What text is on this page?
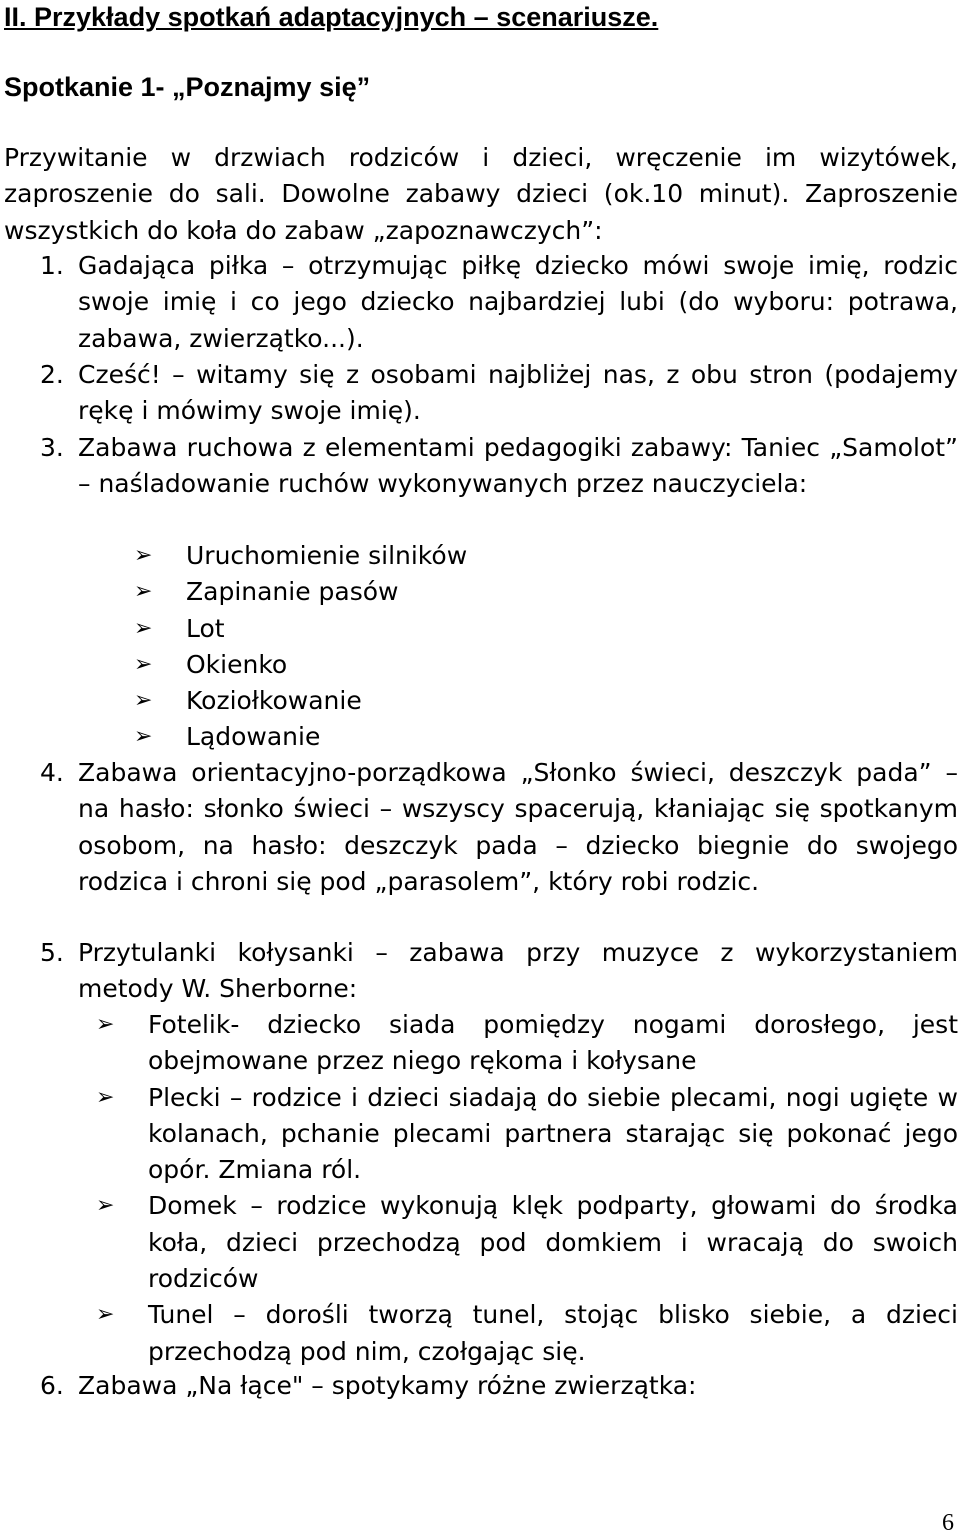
II. Przykłady spotkań adaptacyjnych – scenariusze.
Spotkanie 1- „Poznajmy się”

Przywitanie w drzwiach rodziców i dzieci, wręczenie im wizytówek, zaproszenie do sali. Dowolne zabawy dzieci (ok.10 minut). Zaproszenie wszystkich do koła do zabaw „zapoznawczych”:

1. Gadająca piłka – otrzymując piłkę dziecko mówi swoje imię, rodzic swoje imię i co jego dziecko najbardziej lubi (do wyboru: potrawa, zabawa, zwierzątko...).
2. Cześć! – witamy się z osobami najbliżej nas, z obu stron (podajemy rękę i mówimy swoje imię).
3. Zabawa ruchowa z elementami pedagogiki zabawy: Taniec „Samolot” – naśladowanie ruchów wykonywanych przez nauczyciela:
➢ Uruchomienie silników
➢ Zapinanie pasów
➢ Lot
➢ Okienko
➢ Koziołkowanie
➢ Lądowanie
4. Zabawa orientacyjno-porządkowa „Słonko świeci, deszczyk pada” – na hasło: słonko świeci – wszyscy spacerują, kłaniając się spotkanym osobom, na hasło: deszczyk pada – dziecko biegnie do swojego rodzica i chroni się pod „parasolem”, który robi rodzic.
5. Przytulanki kołysanki – zabawa przy muzyce z wykorzystaniem metody W. Sherborne:
➢ Fotelik- dziecko siada pomiędzy nogami dorosłego, jest obejmowane przez niego rękoma i kołysane
➢ Plecki – rodzice i dzieci siadają do siebie plecami, nogi ugięte w kolanach, pchanie plecami partnera starając się pokonać jego opór. Zmiana ról.
➢ Domek – rodzice wykonują klęk podparty, głowami do środka koła, dzieci przechodzą pod domkiem i wracają do swoich rodziców
➢ Tunel – dorośli tworzą tunel, stojąc blisko siebie, a dzieci przechodzą pod nim, czołgając się.
6. Zabawa „Na łące" – spotykamy różne zwierzątka:
6
